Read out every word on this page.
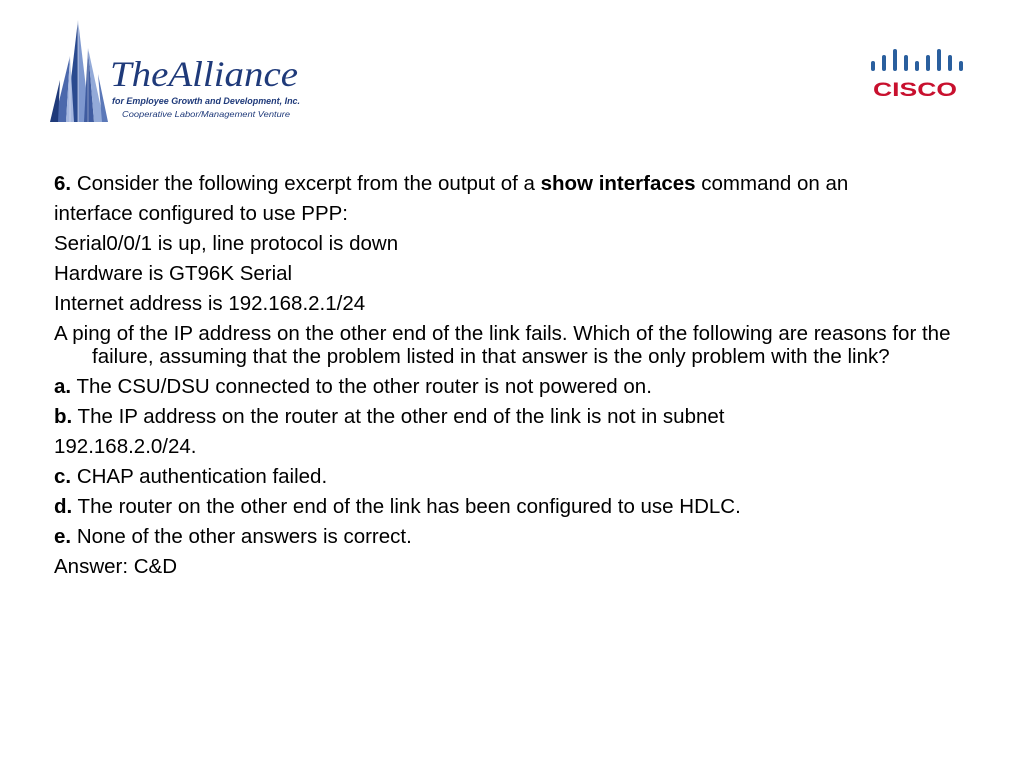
TheAlliance
for Employee Growth and Development, Inc.
Cooperative Labor/Management Venture
CISCO

6. Consider the following excerpt from the output of a show interfaces command on an

interface configured to use PPP:

Serial0/0/1 is up, line protocol is down

Hardware is GT96K Serial

Internet address is 192.168.2.1/24

A ping of the IP address on the other end of the link fails. Which of the following are reasons for the failure, assuming that the problem listed in that answer is the only problem with the link?

a. The CSU/DSU connected to the other router is not powered on.

b. The IP address on the router at the other end of the link is not in subnet

192.168.2.0/24.

c. CHAP authentication failed.

d. The router on the other end of the link has been configured to use HDLC.

e. None of the other answers is correct.

Answer: C&D
